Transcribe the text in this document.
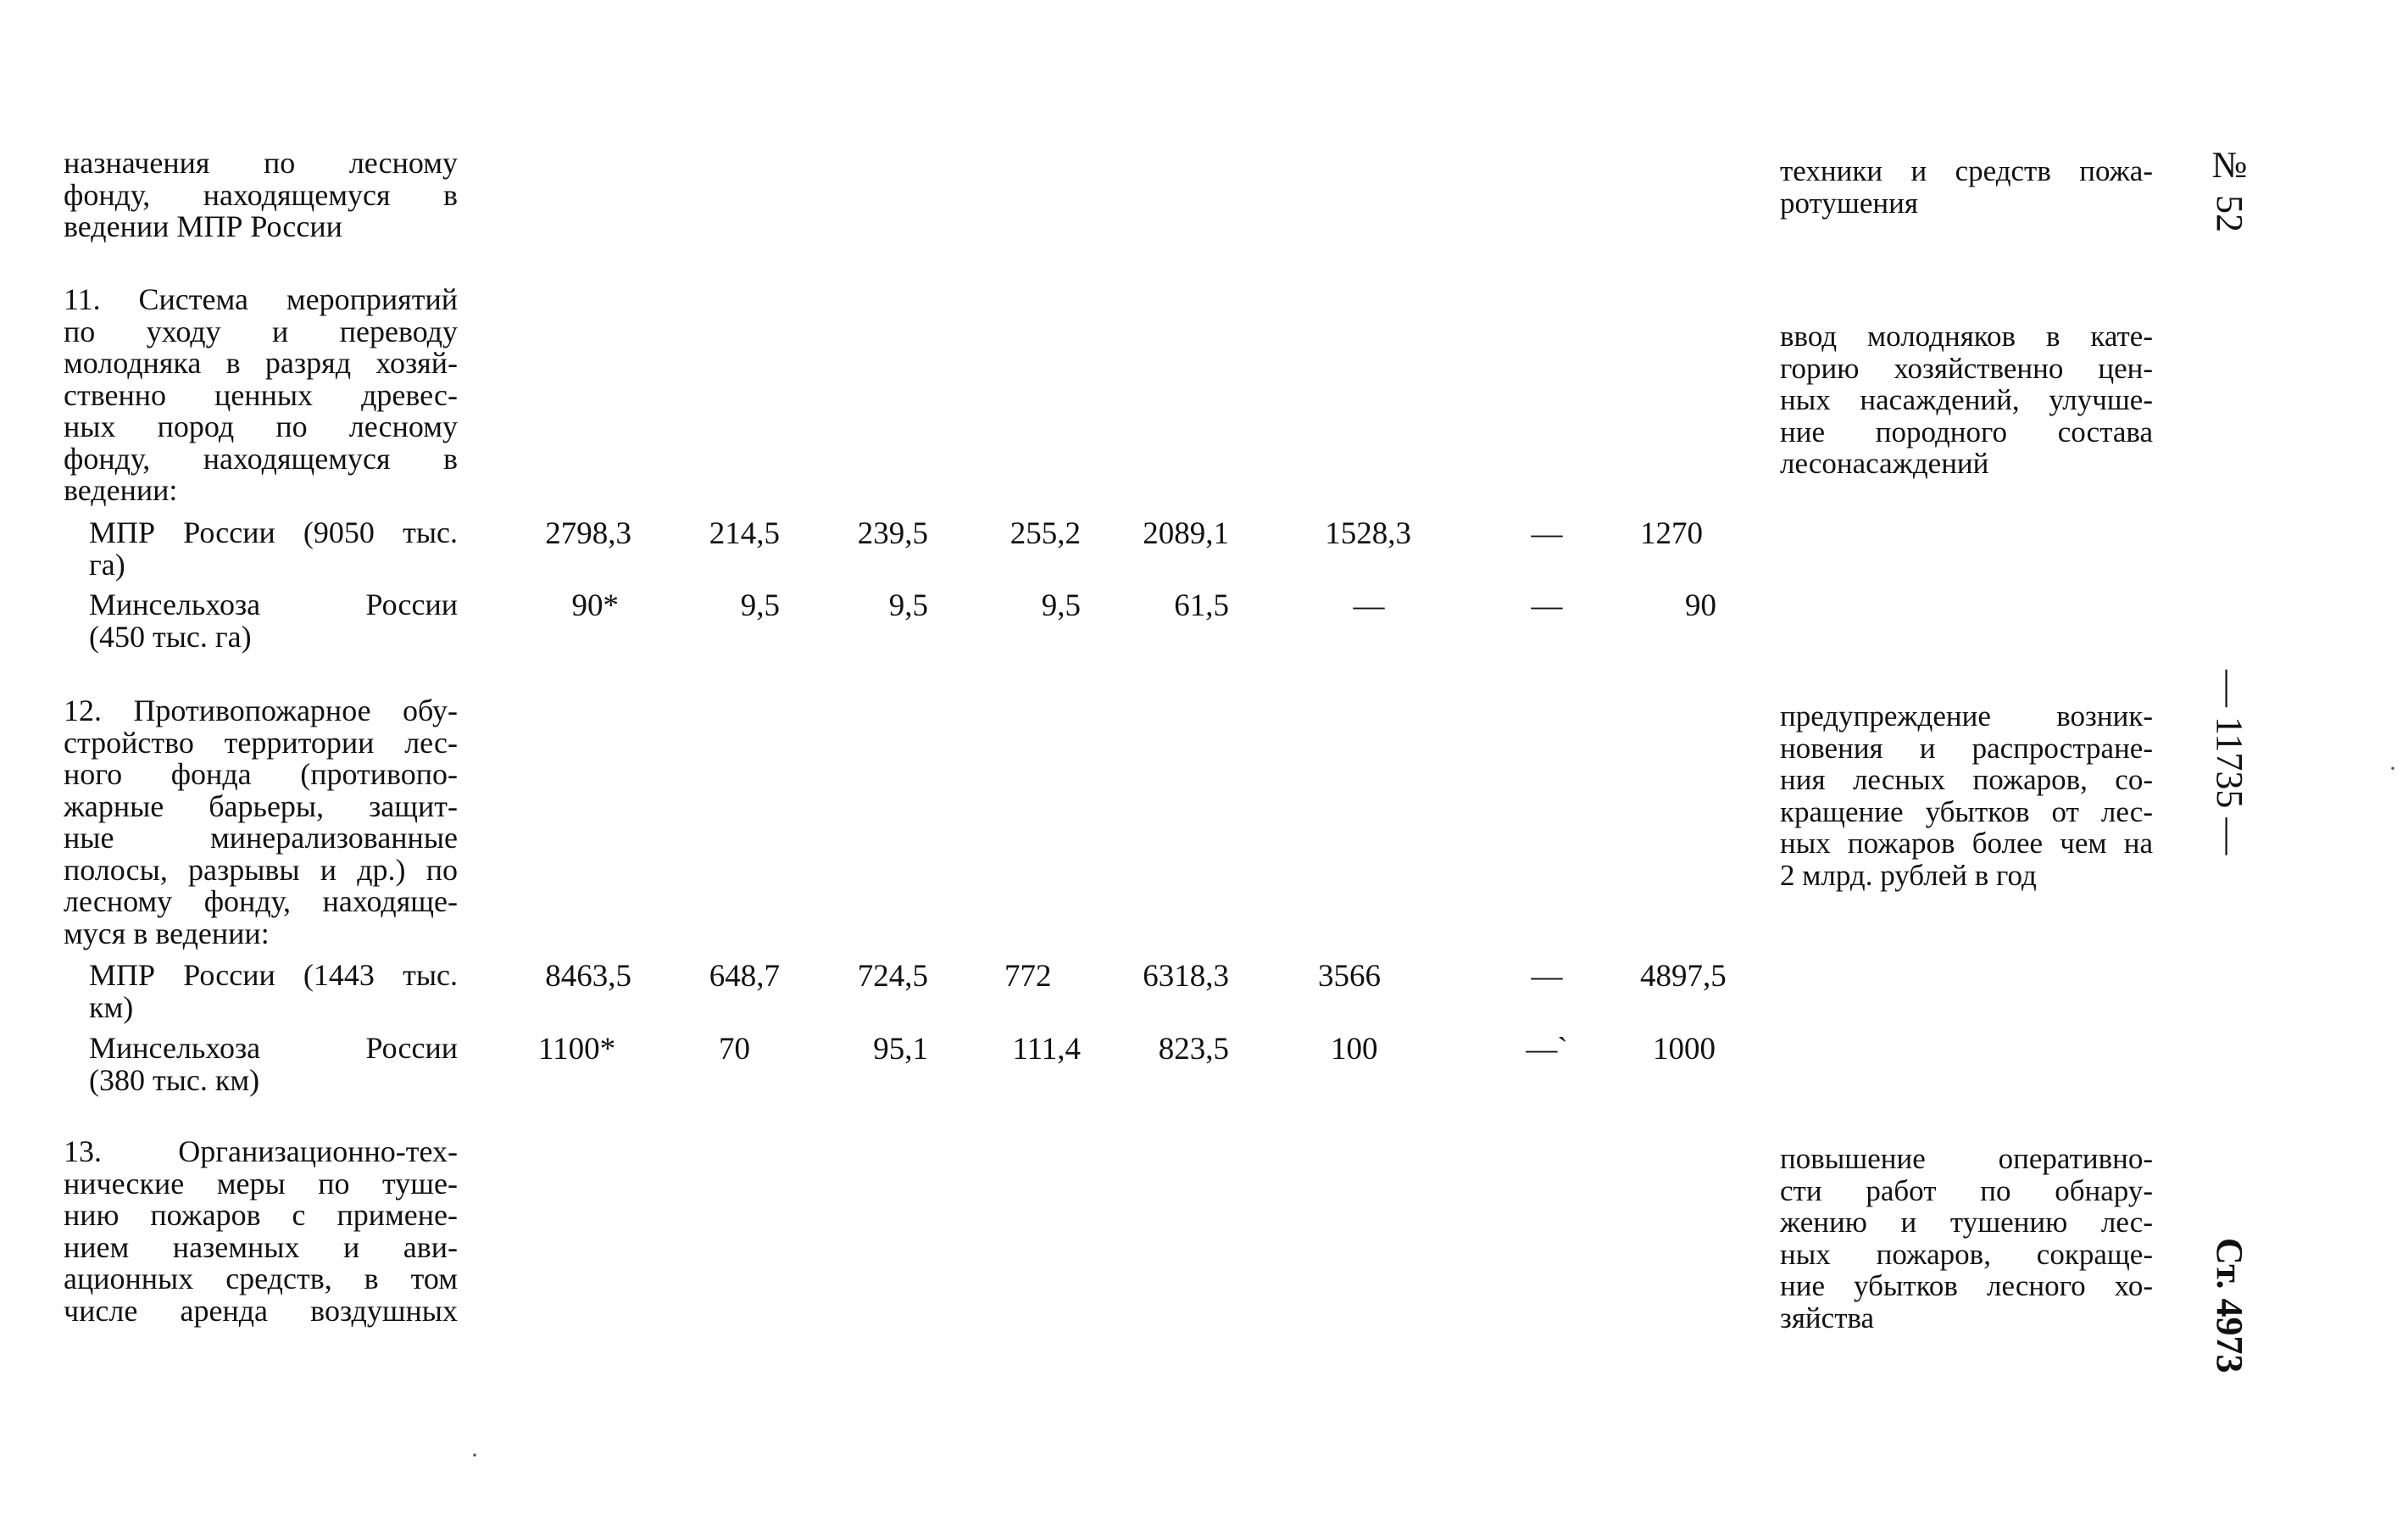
назначения по лесному
фонду, находящемуся в
ведении МПР России
техники и средств пожа-
ротушения
11. Система мероприятий
по уходу и переводу
молодняка в разряд хозяй-
ственно ценных древес-
ных пород по лесному
фонду, находящемуся в
ведении:
ввод молодняков в кате-
горию хозяйственно цен-
ных насаждений, улучше-
ние породного состава
лесонасаждений
МПР России (9050 тыс.
га)
2798,3	214,5	239,5	255,2	2089,1	1528,3	—	1270
Минсельхоза России
(450 тыс. га)
90*	9,5	9,5	9,5	61,5	—	—	90
12. Противопожарное обу-
стройство территории лес-
ного фонда (противопо-
жарные барьеры, защит-
ные минерализованные
полосы, разрывы и др.) по
лесному фонду, находяще-
муся в ведении:
предупреждение возник-
новения и распростране-
ния лесных пожаров, со-
кращение убытков от лес-
ных пожаров более чем на
2 млрд. рублей в год
МПР России (1443 тыс.
км)
8463,5	648,7	724,5 772	6318,3	3566	—	4897,5
Минсельхоза России
(380 тыс. км)
1100*	70	95,1	111,4	823,5	100	—`	1000
13. Организационно-тех-
нические меры по туше-
нию пожаров с примене-
нием наземных и ави-
ационных средств, в том
числе аренда воздушных
повышение оперативно-
сти работ по обнару-
жению и тушению лес-
ных пожаров, сокраще-
ние убытков лесного хо-
зяйства
№ 52
— 11735 —
Ст. 4973
·
·
